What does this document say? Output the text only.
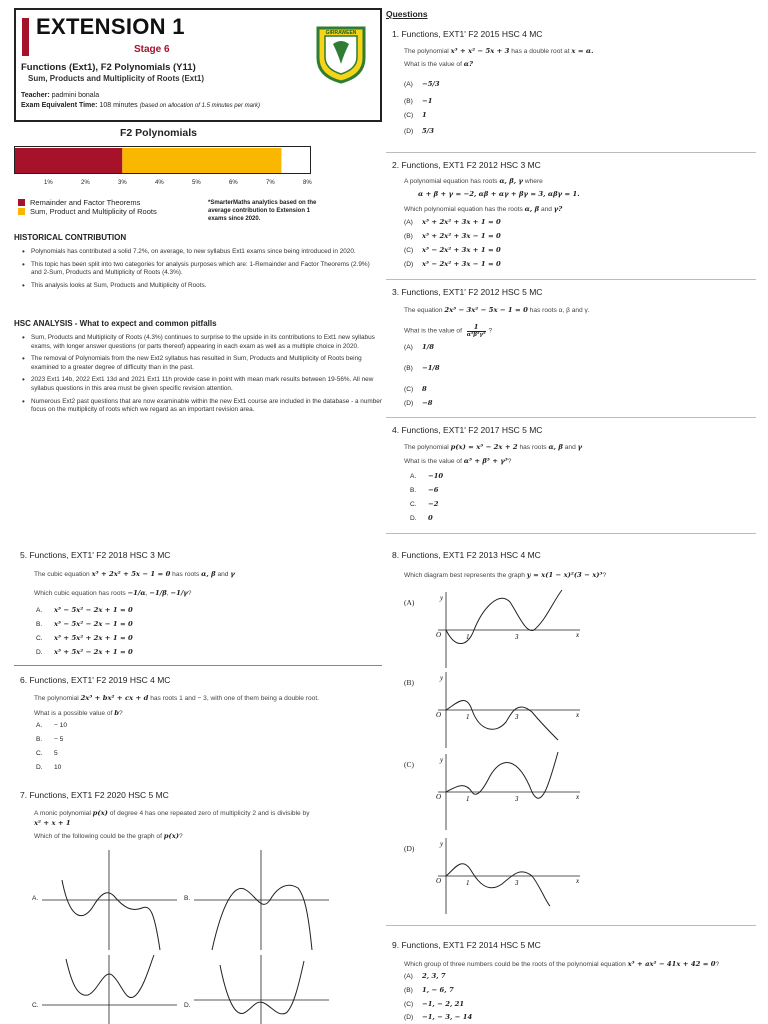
EXTENSION 1
Stage 6
Functions (Ext1), F2 Polynomials (Y11)
Sum, Products and Multiplicity of Roots (Ext1)
Teacher: padmini bonala
Exam Equivalent Time: 108 minutes (based on allocation of 1.5 minutes per mark)
GIRRAWEEN
F2 Polynomials
1%	2%	3%	4%	5%	6%	7%	8%
Remainder and Factor Theorems
Sum, Product and Multiplicity of Roots
*SmarterMaths analytics based on the average contribution to Extension 1 exams since 2020.
HISTORICAL CONTRIBUTION
• Polynomials has contributed a solid 7.2%, on average, to new syllabus Ext1 exams since being introduced in 2020.
• This topic has been split into two categories for analysis purposes which are: 1-Remainder and Factor Theorems (2.9%) and 2-Sum, Products and Multiplicity of Roots (4.3%).
• This analysis looks at Sum, Products and Multiplicity of Roots.
HSC ANALYSIS - What to expect and common pitfalls
• Sum, Products and Multiplicity of Roots (4.3%) continues to surprise to the upside in its contributions to Ext1 new syllabus exams, with longer answer questions (or parts thereof) appearing in each exam as well as a multiple choice in 2020.
• The removal of Polynomials from the new Ext2 syllabus has resulted in Sum, Products and Multiplicity of Roots being examined to a greater degree of difficulty than in the past.
• 2023 Ext1 14b, 2022 Ext1 13d and 2021 Ext1 11h provide case in point with mean mark results between 19-56%. All new syllabus questions in this area must be given specific revision attention.
• Numerous Ext2 past questions that are now examinable within the new Ext1 course are included in the database - a number focus on the multiplicity of roots which we regard as an important revision area.
Questions
1. Functions, EXT1' F2 2015 HSC 4 MC
The polynomial x³ + x² − 5x + 3 has a double root at x = α.
What is the value of α?
(A) −5/3
(B) −1
(C) 1
(D) 5/3
2. Functions, EXT1 F2 2012 HSC 3 MC
A polynomial equation has roots α, β, γ where
α + β + γ = −2, αβ + αγ + βγ = 3, αβγ = 1.
Which polynomial equation has the roots α, β and γ?
(A) x³ + 2x² + 3x + 1 = 0
(B) x³ + 2x² + 3x − 1 = 0
(C) x³ − 2x² + 3x + 1 = 0
(D) x³ − 2x² + 3x − 1 = 0
3. Functions, EXT1' F2 2012 HSC 5 MC
The equation 2x³ − 3x² − 5x − 1 = 0 has roots α, β and γ.
What is the value of	1
α²β²γ²
?
(A) 1/8
(B) −1/8
(C) 8
(D) −8
4. Functions, EXT1' F2 2017 HSC 5 MC
The polynomial p(x) = x³ − 2x + 2 has roots α, β and γ
What is the value of α³ + β³ + γ³?
A. −10
B. −6
C. −2
D. 0
5. Functions, EXT1' F2 2018 HSC 3 MC
The cubic equation x³ + 2x² + 5x − 1 = 0 has roots α, β and γ
Which cubic equation has roots −1/α, −1/β, −1/γ?
A. x³ − 5x² − 2x + 1 = 0
B. x³ − 5x² − 2x − 1 = 0
C. x³ + 5x² + 2x + 1 = 0
D. x³ + 5x² − 2x + 1 = 0
6. Functions, EXT1' F2 2019 HSC 4 MC
The polynomial 2x³ + bx² + cx + d has roots 1 and − 3, with one of them being a double root.
What is a possible value of b?
A. − 10
B. − 5
C. 5
D. 10
7. Functions, EXT1 F2 2020 HSC 5 MC
A monic polynomial p(x) of degree 4 has one repeated zero of multiplicity 2 and is divisible by
x² + x + 1
Which of the following could be the graph of p(x)?
A.	B.
C.	D.
8. Functions, EXT1 F2 2013 HSC 4 MC
Which diagram best represents the graph y = x(1 − x)²(3 − x)³?
(A)	y
x
O	1	3
(B)	y
x
O	1	3
(C)	y
x
O	1	3
(D)	y
x
O	1	3
9. Functions, EXT1 F2 2014 HSC 5 MC
Which group of three numbers could be the roots of the polynomial equation x³ + ax² − 41x + 42 = 0?
(A) 2, 3, 7
(B) 1, − 6, 7
(C) −1, − 2, 21
(D) −1, − 3, − 14
